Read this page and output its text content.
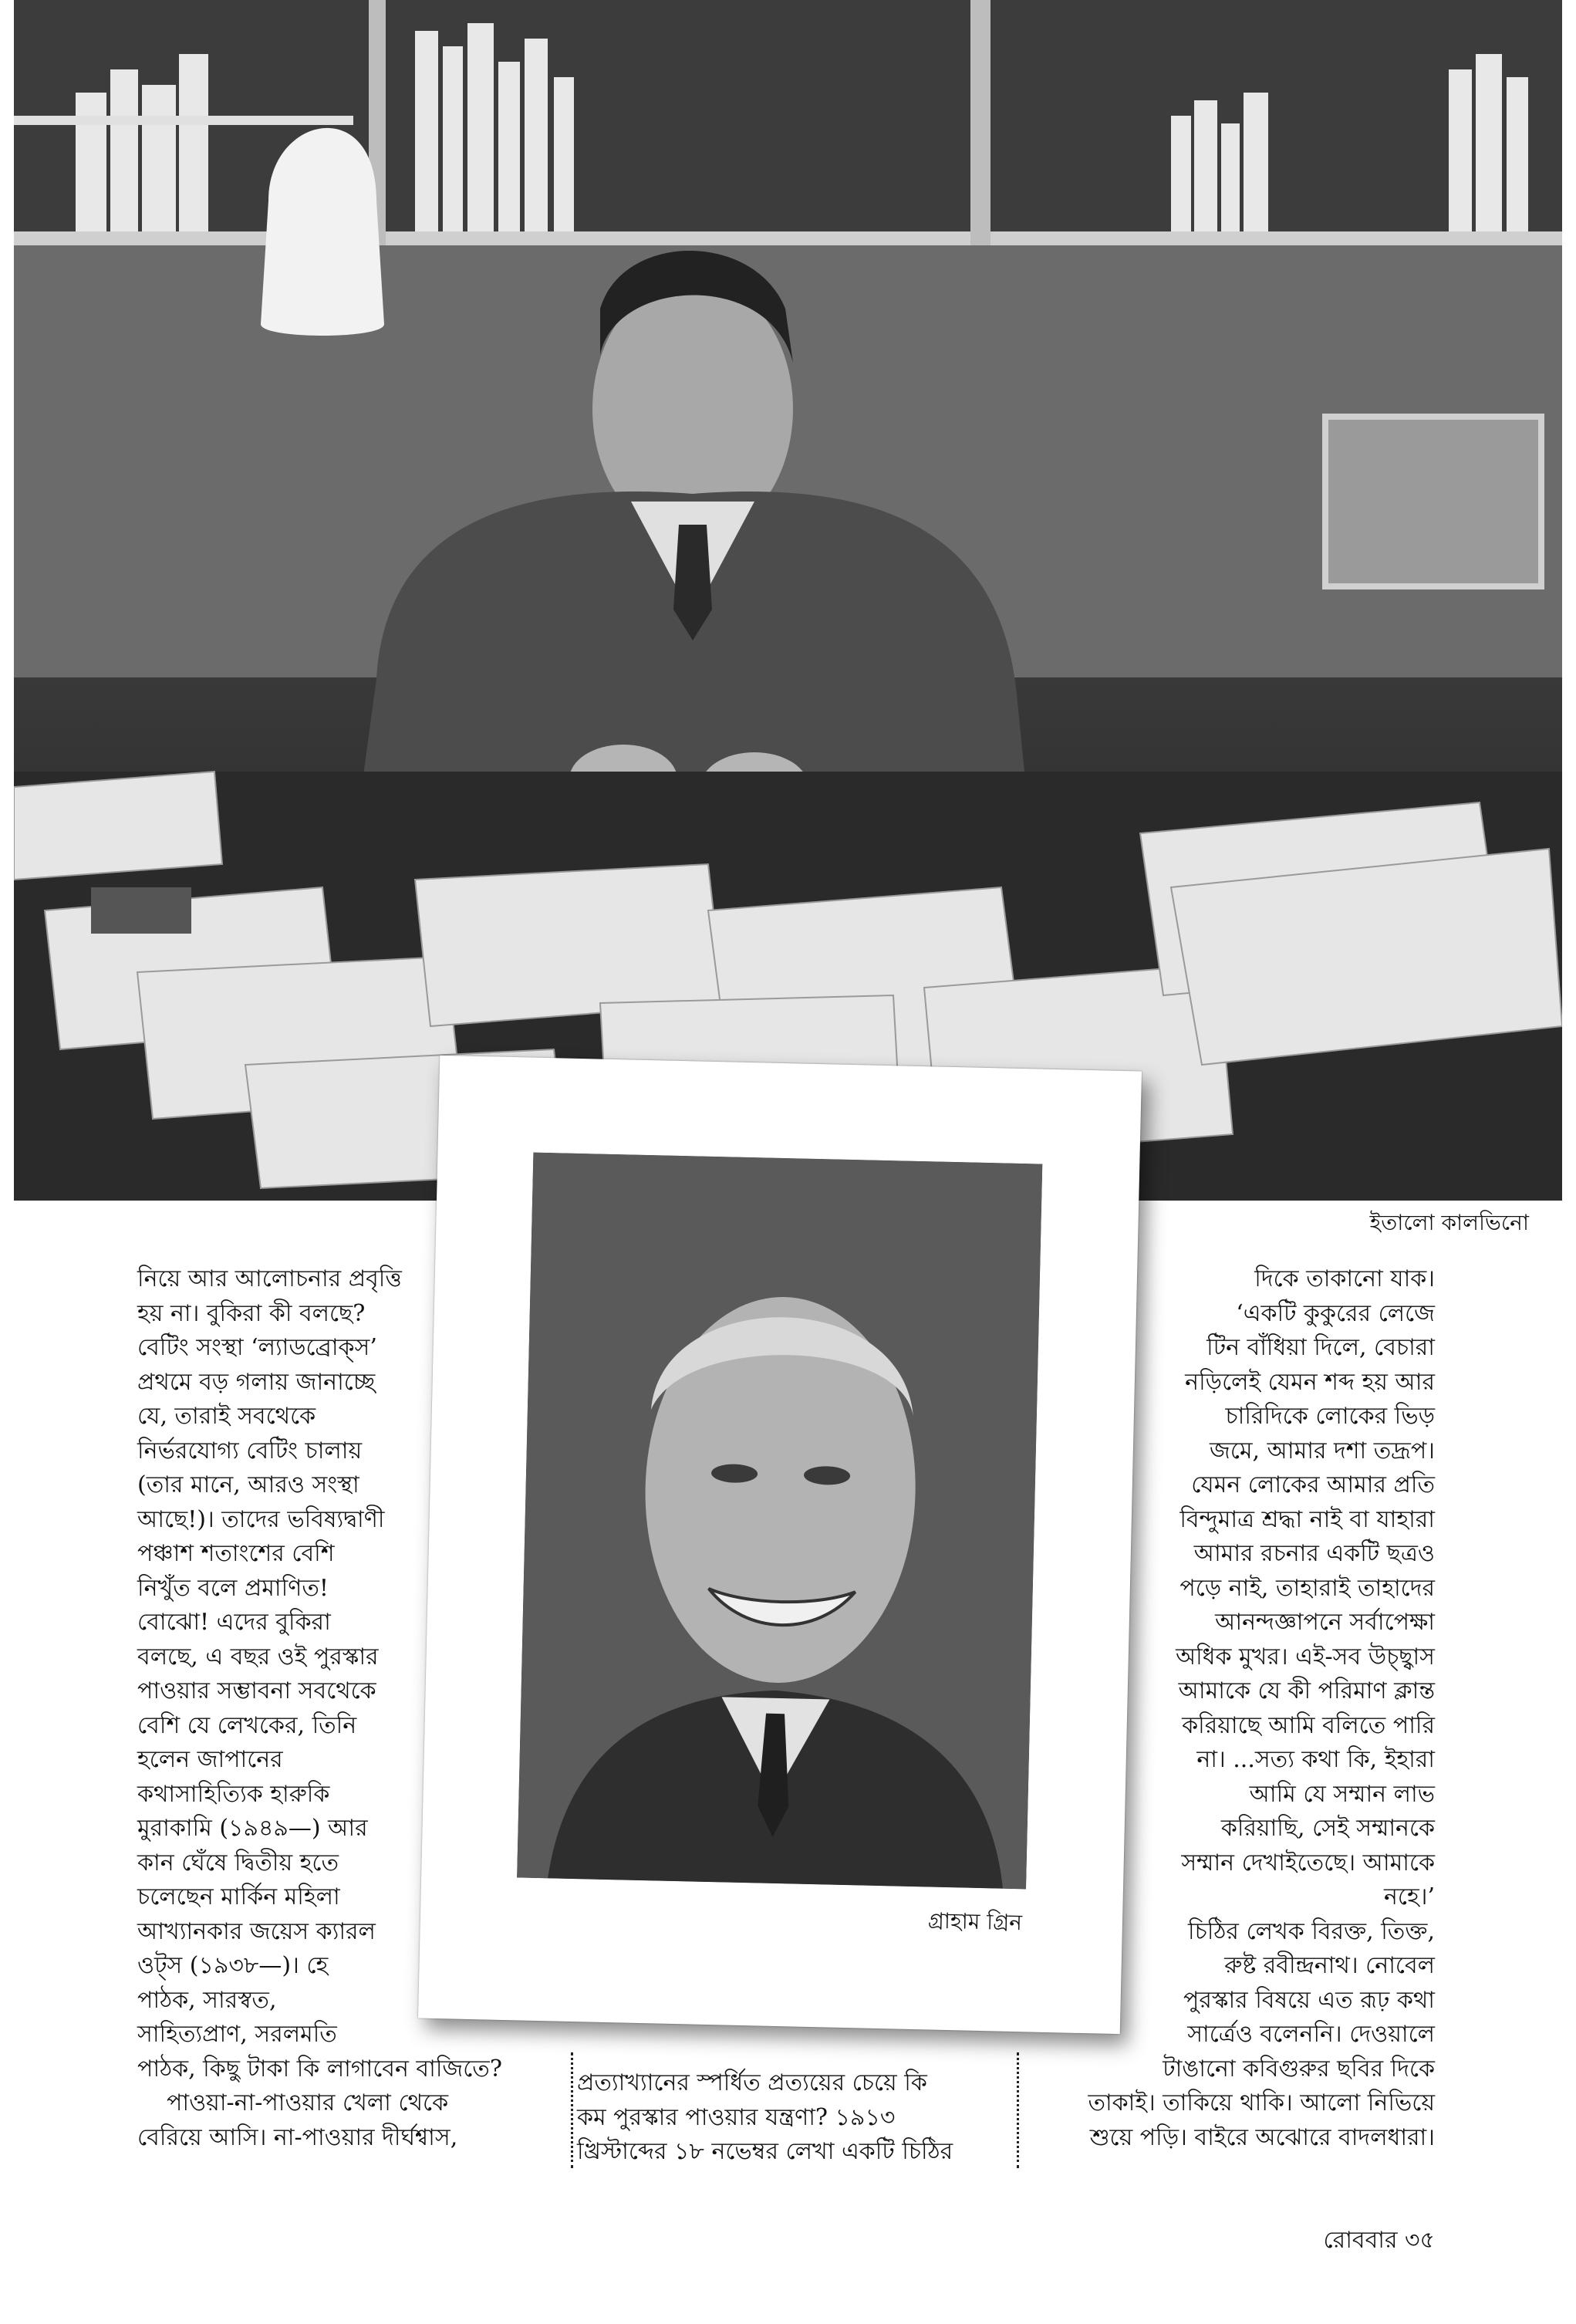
ইতালো কালভিনো

নিয়ে আর আলোচনার প্রবৃত্তি

হয় না। বুকিরা কী বলছে?

বেটিং সংস্থা ‘ল্যাডব্রোক্‌স’

প্রথমে বড় গলায় জানাচ্ছে

যে, তারাই সবথেকে

নির্ভরযোগ্য বেটিং চালায়

(তার মানে, আরও সংস্থা

আছে!)। তাদের ভবিষ্যদ্বাণী

পঞ্চাশ শতাংশের বেশি

নিখুঁত বলে প্রমাণিত!

বোঝো! এদের বুকিরা

বলছে, এ বছর ওই পুরস্কার

পাওয়ার সম্ভাবনা সবথেকে

বেশি যে লেখকের, তিনি

হলেন জাপানের

কথাসাহিত্যিক হারুকি

মুরাকামি (১৯৪৯—) আর

কান ঘেঁষে দ্বিতীয় হতে

চলেছেন মার্কিন মহিলা

আখ্যানকার জয়েস ক্যারল

ওট্‌স (১৯৩৮—)। হে

পাঠক, সারস্বত,

সাহিত্যপ্রাণ, সরলমতি

পাঠক, কিছু টাকা কি লাগাবেন বাজিতে?

পাওয়া-না-পাওয়ার খেলা থেকে

বেরিয়ে আসি। না-পাওয়ার দীর্ঘশ্বাস,

প্রত্যাখ্যানের স্পর্ধিত প্রত্যয়ের চেয়ে কি

কম পুরস্কার পাওয়ার যন্ত্রণা? ১৯১৩

খ্রিস্টাব্দের ১৮ নভেম্বর লেখা একটি চিঠির

দিকে তাকানো যাক।

‘একটি কুকুরের লেজে

টিন বাঁধিয়া দিলে, বেচারা

নড়িলেই যেমন শব্দ হয় আর

চারিদিকে লোকের ভিড়

জমে, আমার দশা তদ্রূপ।

যেমন লোকের আমার প্রতি

বিন্দুমাত্র শ্রদ্ধা নাই বা যাহারা

আমার রচনার একটি ছত্রও

পড়ে নাই, তাহারাই তাহাদের

আনন্দজ্ঞাপনে সর্বাপেক্ষা

অধিক মুখর। এই-সব উচ্ছ্বাস

আমাকে যে কী পরিমাণ ক্লান্ত

করিয়াছে আমি বলিতে পারি

না। ...সত্য কথা কি, ইহারা

আমি যে সম্মান লাভ

করিয়াছি, সেই সম্মানকে

সম্মান দেখাইতেছে। আমাকে

নহে।’

চিঠির লেখক বিরক্ত, তিক্ত,

রুষ্ট রবীন্দ্রনাথ। নোবেল

পুরস্কার বিষয়ে এত রূঢ় কথা

সার্ত্রেও বলেননি। দেওয়ালে

টাঙানো কবিগুরুর ছবির দিকে

তাকাই। তাকিয়ে থাকি। আলো নিভিয়ে

শুয়ে পড়ি। বাইরে অঝোরে বাদলধারা।

গ্রাহাম গ্রিন
রোববার ৩৫
